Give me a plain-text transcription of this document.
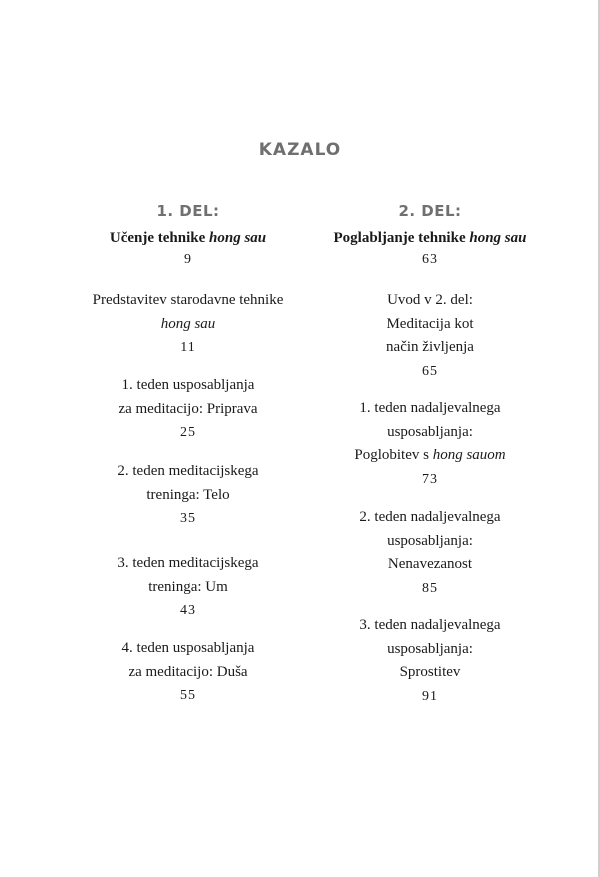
KAZALO
1. DEL:
Učenje tehnike hong sau
9
Predstavitev starodavne tehnike
hong sau
11
1. teden usposabljanja
za meditacijo: Priprava
25
2. teden meditacijskega
treninga: Telo
35
3. teden meditacijskega
treninga: Um
43
4. teden usposabljanja
za meditacijo: Duša
55
2. DEL:
Poglabljanje tehnike hong sau
63
Uvod v 2. del:
Meditacija kot
način življenja
65
1. teden nadaljevalnega
usposabljanja:
Poglobitev s hong sauom
73
2. teden nadaljevalnega
usposabljanja:
Nenavezanost
85
3. teden nadaljevalnega
usposabljanja:
Sprostitev
91
